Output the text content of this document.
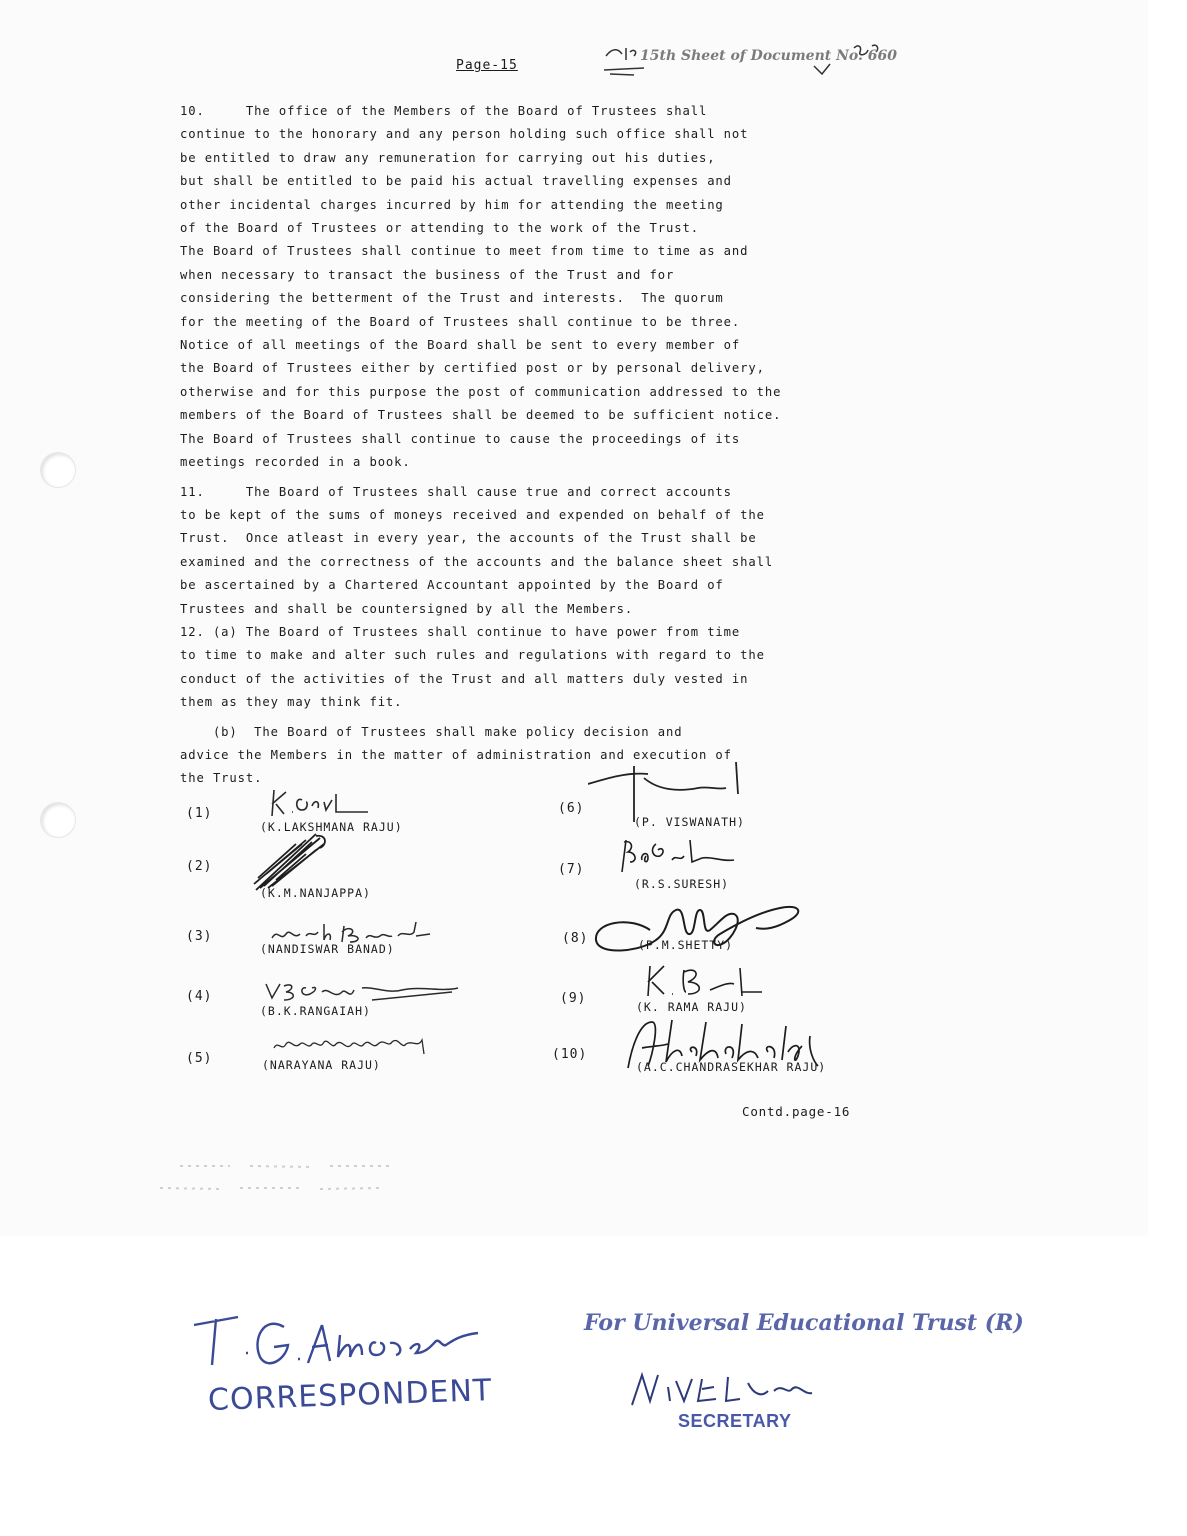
Page-15
15th Sheet of Document No. 660

10.     The office of the Members of the Board of Trustees shall

continue to the honorary and any person holding such office shall not

be entitled to draw any remuneration for carrying out his duties,

but shall be entitled to be paid his actual travelling expenses and

other incidental charges incurred by him for attending the meeting

of the Board of Trustees or attending to the work of the Trust.

The Board of Trustees shall continue to meet from time to time as and

when necessary to transact the business of the Trust and for

considering the betterment of the Trust and interests.  The quorum

for the meeting of the Board of Trustees shall continue to be three.

Notice of all meetings of the Board shall be sent to every member of

the Board of Trustees either by certified post or by personal delivery,

otherwise and for this purpose the post of communication addressed to the

members of the Board of Trustees shall be deemed to be sufficient notice.

The Board of Trustees shall continue to cause the proceedings of its

meetings recorded in a book.

11.     The Board of Trustees shall cause true and correct accounts

to be kept of the sums of moneys received and expended on behalf of the

Trust.  Once atleast in every year, the accounts of the Trust shall be

examined and the correctness of the accounts and the balance sheet shall

be ascertained by a Chartered Accountant appointed by the Board of

Trustees and shall be countersigned by all the Members.

12. (a) The Board of Trustees shall continue to have power from time

to time to make and alter such rules and regulations with regard to the

conduct of the activities of the Trust and all matters duly vested in

them as they may think fit.

(b)  The Board of Trustees shall make policy decision and

advice the Members in the matter of administration and execution of

the Trust.

(1)
(K.LAKSHMANA RAJU)
(2)
(K.M.NANJAPPA)
(3)
(NANDISWAR BANAD)
(4)
(B.K.RANGAIAH)
(5)	(NARAYANA RAJU)
(6)
(P. VISWANATH)
(7)
(R.S.SURESH)
(8)	(P.M.SHETTY)
(9)
(K. RAMA RAJU)
(10)
(A.C.CHANDRASEKHAR RAJU)
Contd.page-16
CORRESPONDENT
For Universal Educational Trust (R)
SECRETARY
